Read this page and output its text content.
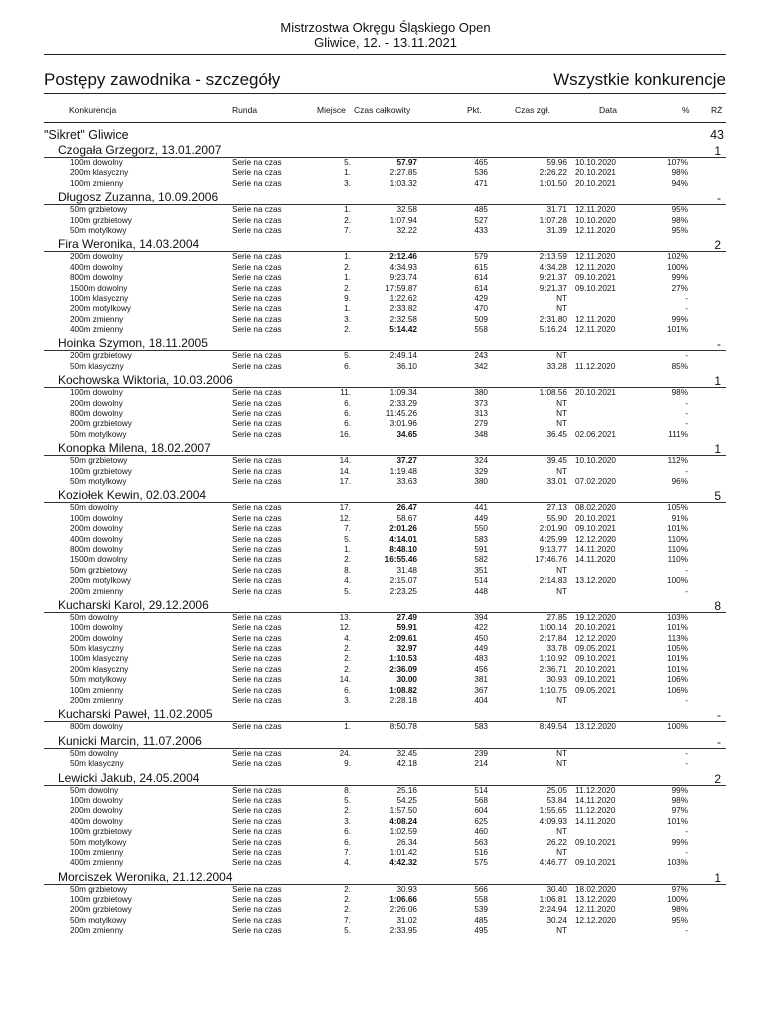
Mistrzostwa Okręgu Śląskiego Open
Gliwice, 12. - 13.11.2021
Postępy zawodnika - szczegóły	Wszystkie konkurencje
Konkurencja	Runda	Miejsce Czas całkowity	Pkt.	Czas zgł.	Data	%	RŻ
"Sikret" Gliwice	43
Czogała Grzegorz, 13.01.2007	1
100m dowolny	Serie na czas	5.	57.97	465	59.96 10.10.2020	107%
200m klasyczny	Serie na czas	1.	2:27.85	536	2:26.22 20.10.2021	98%
100m zmienny	Serie na czas	3.	1:03.32	471	1:01.50 20.10.2021	94%
Długosz Zuzanna, 10.09.2006	-
50m grzbietowy	Serie na czas	1.	32.58	485	31.71 12.11.2020	95%
100m grzbietowy	Serie na czas	2.	1:07.94	527	1:07.28 10.10.2020	98%
50m motylkowy	Serie na czas	7.	32.22	433	31.39 12.11.2020	95%
Fira Weronika, 14.03.2004	2
200m dowolny	Serie na czas	1.	2:12.46	579	2:13.59 12.11.2020	102%
400m dowolny	Serie na czas	2.	4:34.93	615	4:34.28 12.11.2020	100%
800m dowolny	Serie na czas	1.	9:23.74	614	9:21.37 09.10.2021	99%
1500m dowolny	Serie na czas	2.	17:59.87	614	9:21.37 09.10.2021	27%
100m klasyczny	Serie na czas	9.	1:22.62	429	NT	-
200m motylkowy	Serie na czas	1.	2:33.82	470	NT	-
200m zmienny	Serie na czas	3.	2:32.58	509	2:31.80 12.11.2020	99%
400m zmienny	Serie na czas	2.	5:14.42	558	5:16.24 12.11.2020	101%
Hoinka Szymon, 18.11.2005	-
200m grzbietowy	Serie na czas	5.	2:49.14	243	NT	-
50m klasyczny	Serie na czas	6.	36.10	342	33.28 11.12.2020	85%
Kochowska Wiktoria, 10.03.2006	1
100m dowolny	Serie na czas	11.	1:09.34	380	1:08.56 20.10.2021	98%
200m dowolny	Serie na czas	6.	2:33.29	373	NT	-
800m dowolny	Serie na czas	6.	11:45.26	313	NT	-
200m grzbietowy	Serie na czas	6.	3:01.96	279	NT	-
50m motylkowy	Serie na czas	16.	34.65	348	36.45 02.06.2021	111%
Konopka Milena, 18.02.2007	1
50m grzbietowy	Serie na czas	14.	37.27	324	39.45 10.10.2020	112%
100m grzbietowy	Serie na czas	14.	1:19.48	329	NT	-
50m motylkowy	Serie na czas	17.	33.63	380	33.01 07.02.2020	96%
Koziołek Kewin, 02.03.2004	5
50m dowolny	Serie na czas	17.	26.47	441	27.13 08.02.2020	105%
100m dowolny	Serie na czas	12.	58.67	449	55.90 20.10.2021	91%
200m dowolny	Serie na czas	7.	2:01.26	550	2:01.90 09.10.2021	101%
400m dowolny	Serie na czas	5.	4:14.01	583	4:25.99 12.12.2020	110%
800m dowolny	Serie na czas	1.	8:48.10	591	9:13.77 14.11.2020	110%
1500m dowolny	Serie na czas	2.	16:55.46	582	17:46.76 14.11.2020	110%
50m grzbietowy	Serie na czas	8.	31.48	351	NT	-
200m motylkowy	Serie na czas	4.	2:15.07	514	2:14.83 13.12.2020	100%
200m zmienny	Serie na czas	5.	2:23.25	448	NT	-
Kucharski Karol, 29.12.2006	8
50m dowolny	Serie na czas	13.	27.49	394	27.85 19.12.2020	103%
100m dowolny	Serie na czas	12.	59.91	422	1:00.14 20.10.2021	101%
200m dowolny	Serie na czas	4.	2:09.61	450	2:17.84 12.12.2020	113%
50m klasyczny	Serie na czas	2.	32.97	449	33.78 09.05.2021	105%
100m klasyczny	Serie na czas	2.	1:10.53	483	1:10.92 09.10.2021	101%
200m klasyczny	Serie na czas	2.	2:36.09	456	2:36.71 20.10.2021	101%
50m motylkowy	Serie na czas	14.	30.00	381	30.93 09.10.2021	106%
100m zmienny	Serie na czas	6.	1:08.82	367	1:10.75 09.05.2021	106%
200m zmienny	Serie na czas	3.	2:28.18	404	NT	-
Kucharski Paweł, 11.02.2005	-
800m dowolny	Serie na czas	1.	8:50.78	583	8:49.54 13.12.2020	100%
Kunicki Marcin, 11.07.2006	-
50m dowolny	Serie na czas	24.	32.45	239	NT	-
50m klasyczny	Serie na czas	9.	42.18	214	NT	-
Lewicki Jakub, 24.05.2004	2
50m dowolny	Serie na czas	8.	25.16	514	25.05 11.12.2020	99%
100m dowolny	Serie na czas	5.	54.25	568	53.84 14.11.2020	98%
200m dowolny	Serie na czas	2.	1:57.50	604	1:55.65 11.12.2020	97%
400m dowolny	Serie na czas	3.	4:08.24	625	4:09.93 14.11.2020	101%
100m grzbietowy	Serie na czas	6.	1:02.59	460	NT	-
50m motylkowy	Serie na czas	6.	26.34	563	26.22 09.10.2021	99%
100m zmienny	Serie na czas	7.	1:01.42	516	NT	-
400m zmienny	Serie na czas	4.	4:42.32	575	4:46.77 09.10.2021	103%
Morciszek Weronika, 21.12.2004	1
50m grzbietowy	Serie na czas	2.	30.93	566	30.40 18.02.2020	97%
100m grzbietowy	Serie na czas	2.	1:06.66	558	1:06.81 13.12.2020	100%
200m grzbietowy	Serie na czas	2.	2:26.06	539	2:24.94 12.11.2020	98%
50m motylkowy	Serie na czas	7.	31.02	485	30.24 12.12.2020	95%
200m zmienny	Serie na czas	5.	2:33.95	495	NT	-
